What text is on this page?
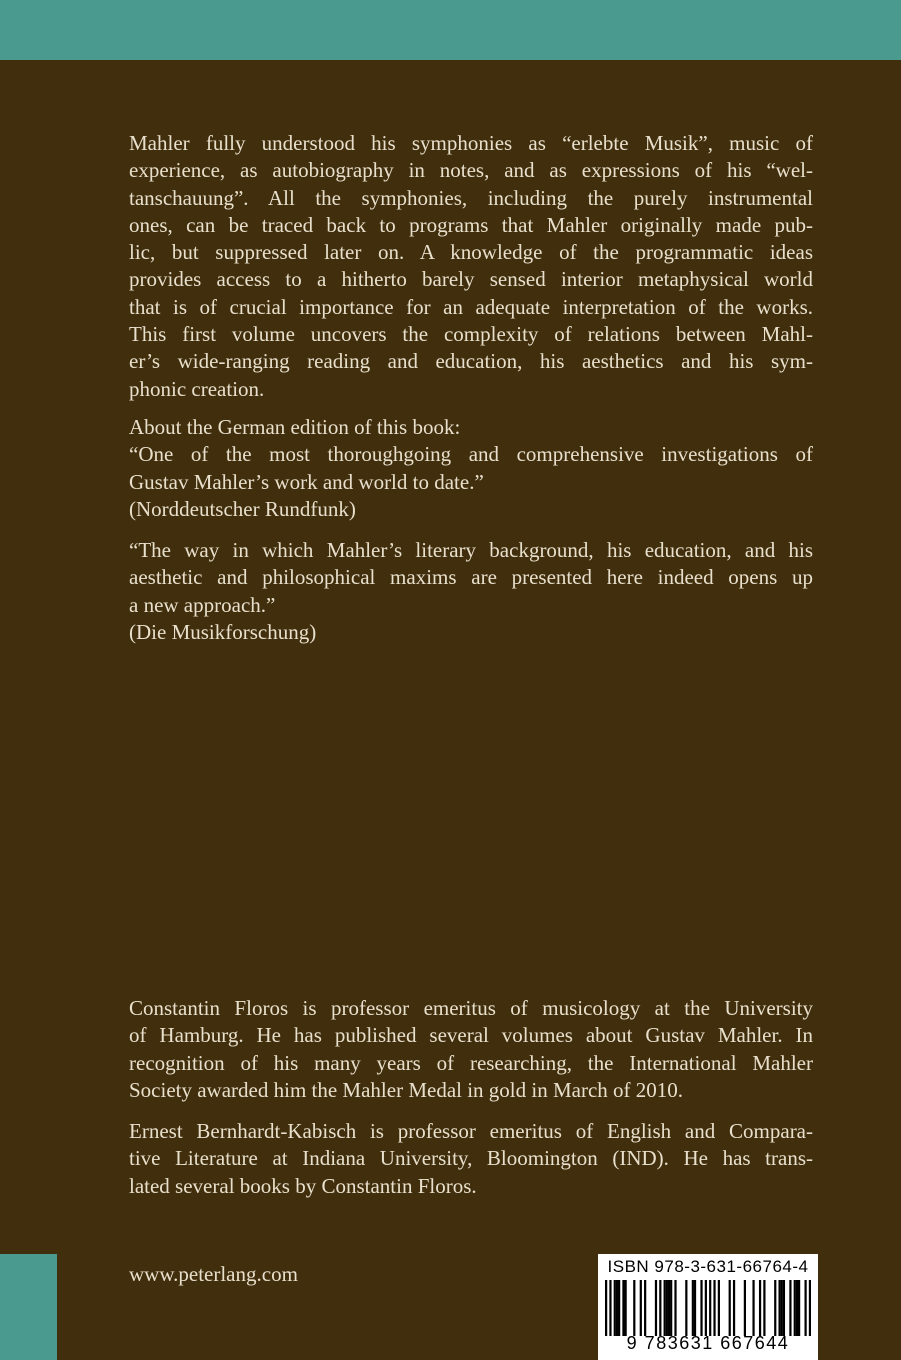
Mahler fully understood his symphonies as “erlebte Musik”, music of
experience, as autobiography in notes, and as expressions of his “wel-
tanschauung”. All the symphonies, including the purely instrumental
ones, can be traced back to programs that Mahler originally made pub-
lic, but suppressed later on. A knowledge of the programmatic ideas
provides access to a hitherto barely sensed interior metaphysical world
that is of crucial importance for an adequate interpretation of the works.
This first volume uncovers the complexity of relations between Mahl-
er’s wide-ranging reading and education, his aesthetics and his sym-
phonic creation.

About the German edition of this book:
“One of the most thoroughgoing and comprehensive investigations of
Gustav Mahler’s work and world to date.”
(Norddeutscher Rundfunk)

“The way in which Mahler’s literary background, his education, and his
aesthetic and philosophical maxims are presented here indeed opens up
a new approach.”
(Die Musikforschung)

Constantin Floros is professor emeritus of musicology at the University
of Hamburg. He has published several volumes about Gustav Mahler. In
recognition of his many years of researching, the International Mahler
Society awarded him the Mahler Medal in gold in March of 2010.

Ernest Bernhardt-Kabisch is professor emeritus of English and Compara-
tive Literature at Indiana University, Bloomington (IND). He has trans-
lated several books by Constantin Floros.

www.peterlang.com	ISBN 978-3-631-66764-4
9 783631 667644
